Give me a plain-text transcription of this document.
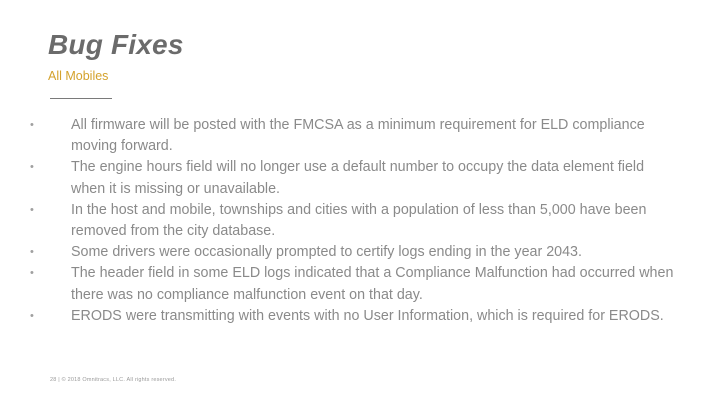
Bug Fixes

All Mobiles

•	All firmware will be posted with the FMCSA as a minimum requirement for ELD compliance moving forward.
•	The engine hours field will no longer use a default number to occupy the data element field when it is missing or unavailable.
•	In the host and mobile, townships and cities with a population of less than 5,000 have been removed from the city database.
•	Some drivers were occasionally prompted to certify logs ending in the year 2043.
•	The header field in some ELD logs indicated that a Compliance Malfunction had occurred when there was no compliance malfunction event on that day.
•	ERODS were transmitting with events with no User Information, which is required for ERODS.

28 | © 2018 Omnitracs, LLC. All rights reserved.
